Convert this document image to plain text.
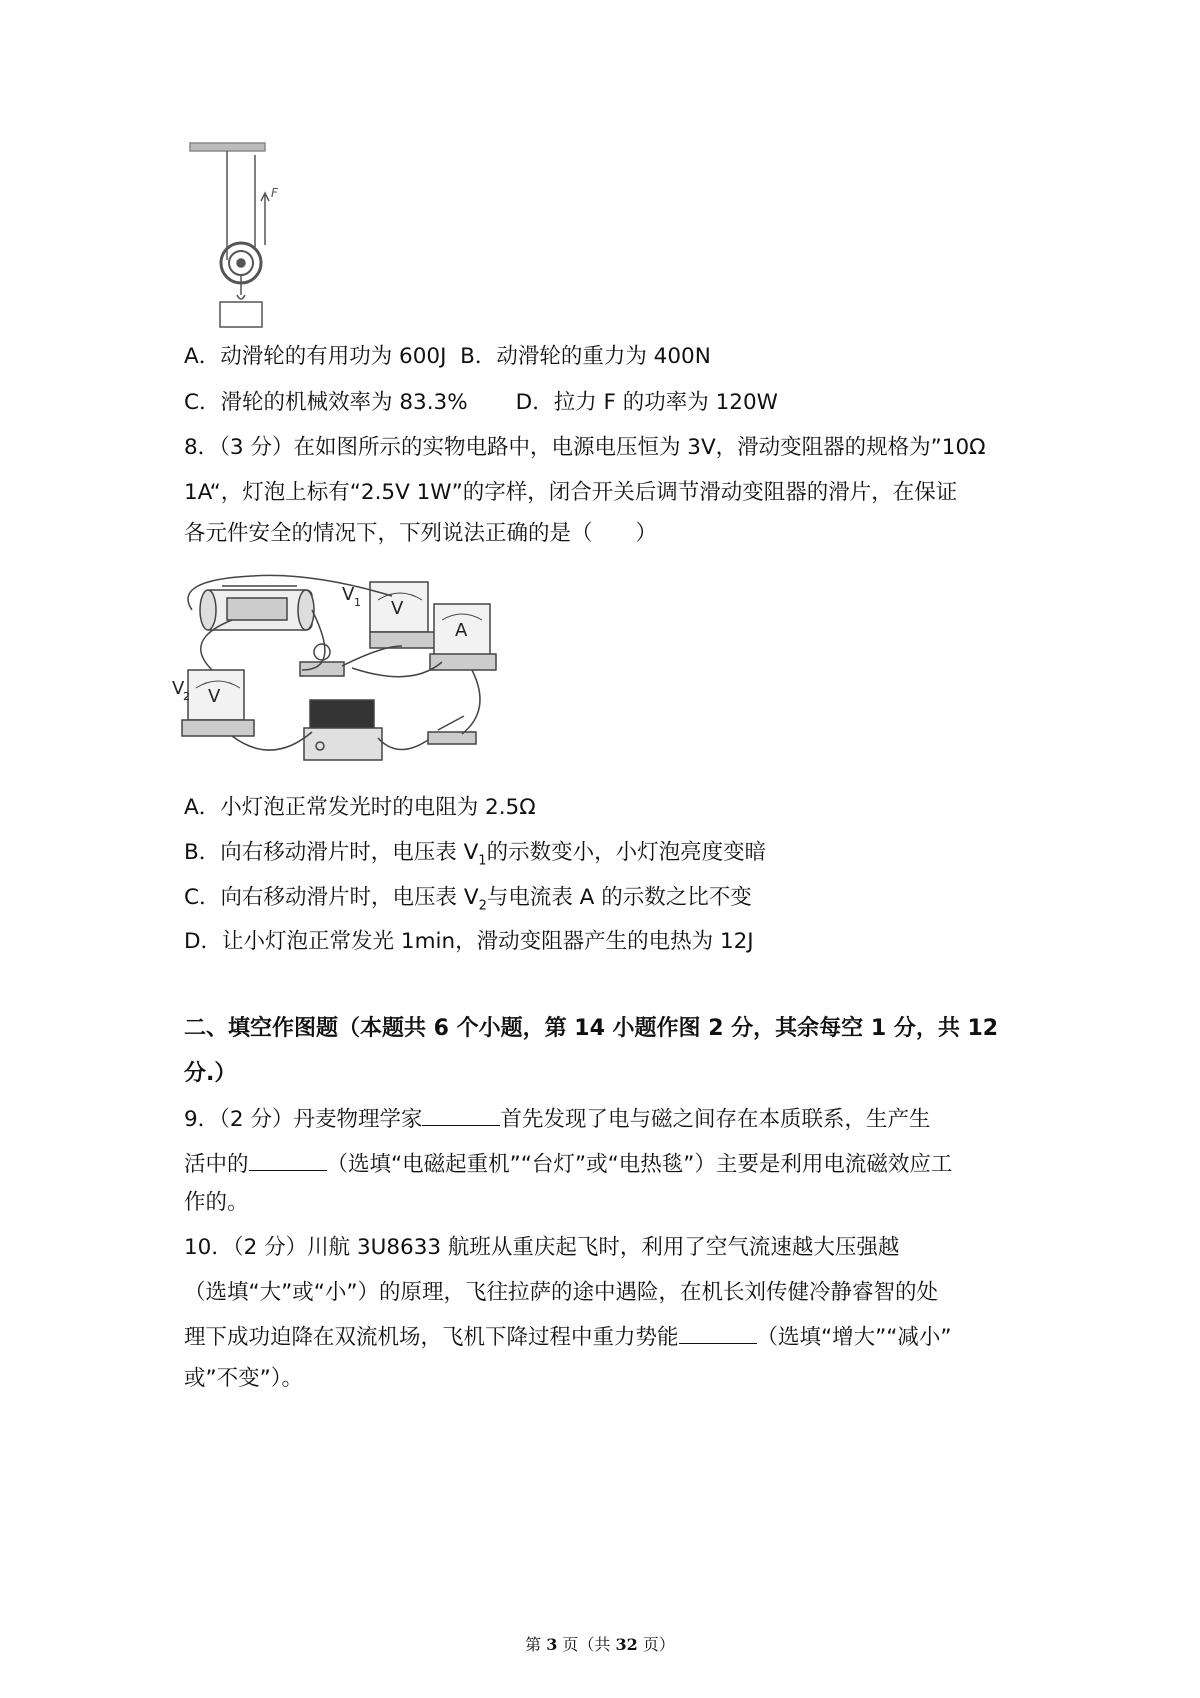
F
A．动滑轮的有用功为 600J B．动滑轮的重力为 400N
C．滑轮的机械效率为 83.3% D．拉力 F 的功率为 120W
8．（3 分）在如图所示的实物电路中，电源电压恒为 3V，滑动变阻器的规格为”10Ω
1A“，灯泡上标有“2.5V 1W”的字样，闭合开关后调节滑动变阻器的滑片，在保证
各元件安全的情况下，下列说法正确的是（　　）
V 1 V
A
V
2 V
A．小灯泡正常发光时的电阻为 2.5Ω
B．向右移动滑片时，电压表 $V_1$的示数变小，小灯泡亮度变暗
C．向右移动滑片时，电压表 $V_2$与电流表 A 的示数之比不变
D．让小灯泡正常发光 1min，滑动变阻器产生的电热为 12J
二、填空作图题（本题共 6 个小题，第 14 小题作图 2 分，其余每空 1 分，共 12
分.）
9．（2 分）丹麦物理学家	首先发现了电与磁之间存在本质联系，生产生
活中的	（选填“电磁起重机”“台灯”或“电热毯”）主要是利用电流磁效应工
作的。
10．（2 分）川航 3U8633 航班从重庆起飞时，利用了空气流速越大压强越
（选填“大”或“小”）的原理，飞往拉萨的途中遇险，在机长刘传健冷静睿智的处
理下成功迫降在双流机场，飞机下降过程中重力势能	（选填“增大”“减小”
或”不变”）。
第 3 页（共 32 页）
